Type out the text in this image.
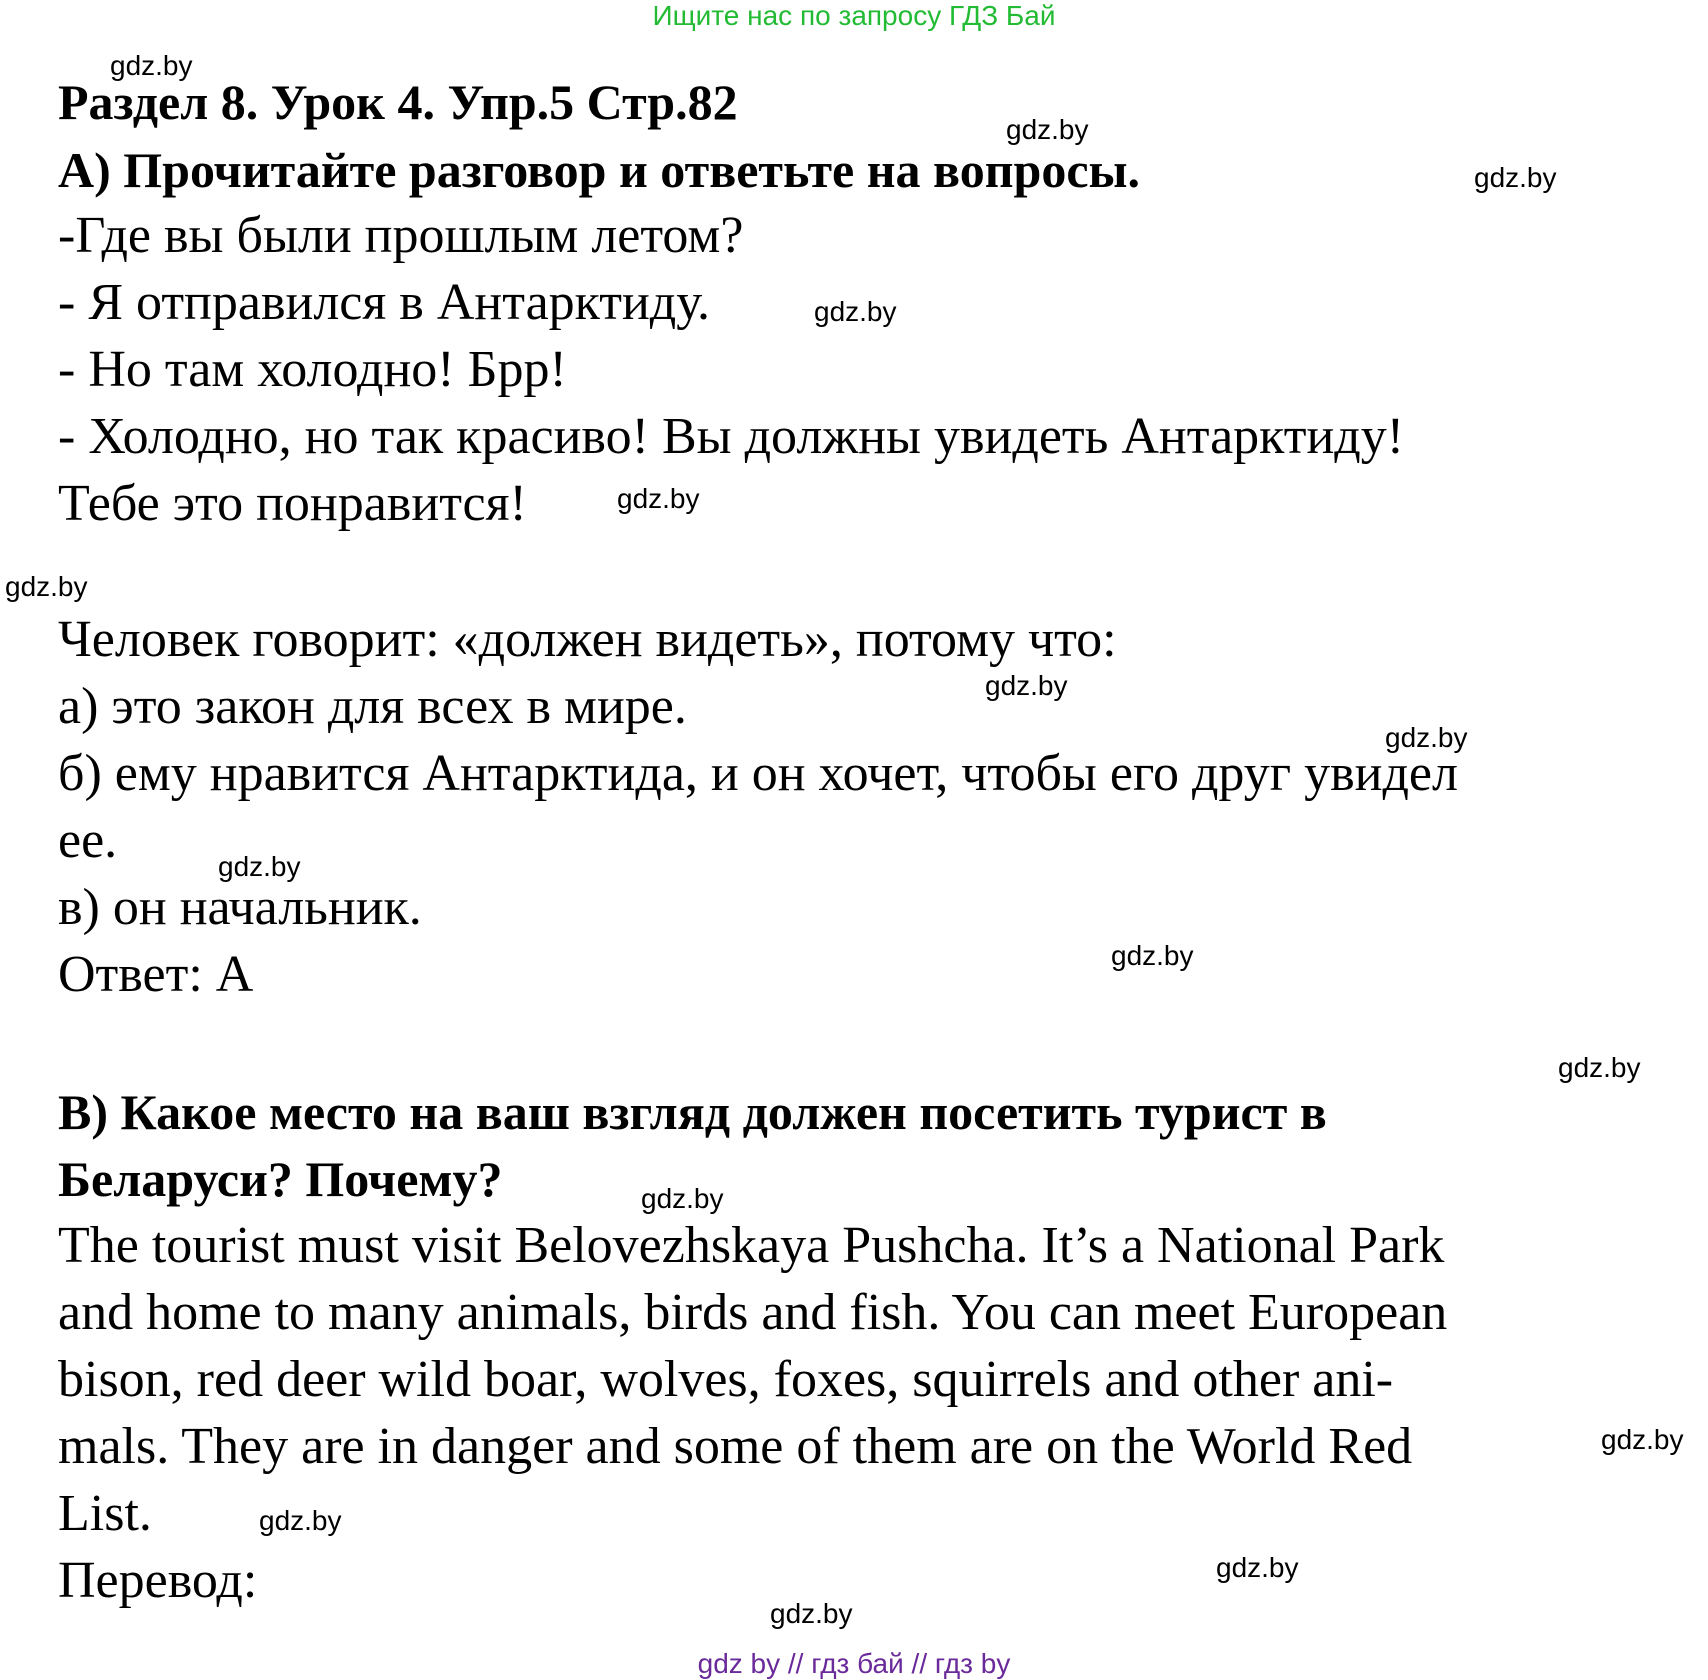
Ищите нас по запросу ГДЗ Бай
Раздел 8. Урок 4. Упр.5 Стр.82
А) Прочитайте разговор и ответьте на вопросы.
-Где вы были прошлым летом?
- Я отправился в Антарктиду.
- Но там холодно! Брр!
- Холодно, но так красиво! Вы должны увидеть Антарктиду!
Тебе это понравится!
Человек говорит: «должен видеть», потому что:
а) это закон для всех в мире.
б) ему нравится Антарктида, и он хочет, чтобы его друг увидел
ее.
в) он начальник.
Ответ: А
В) Какое место на ваш взгляд должен посетить турист в
Беларуси? Почему?
The tourist must visit Belovezhskaya Pushcha. It’s a National Park
and home to many animals, birds and fish. You can meet European
bison, red deer wild boar, wolves, foxes, squirrels and other ani-
mals. They are in danger and some of them are on the World Red
List.
Перевод:
gdz.by
gdz.by
gdz.by
gdz.by
gdz.by
gdz.by
gdz.by
gdz.by
gdz.by
gdz.by
gdz.by
gdz.by
gdz.by
gdz.by
gdz.by
gdz.by
gdz by // гдз бай // гдз by
